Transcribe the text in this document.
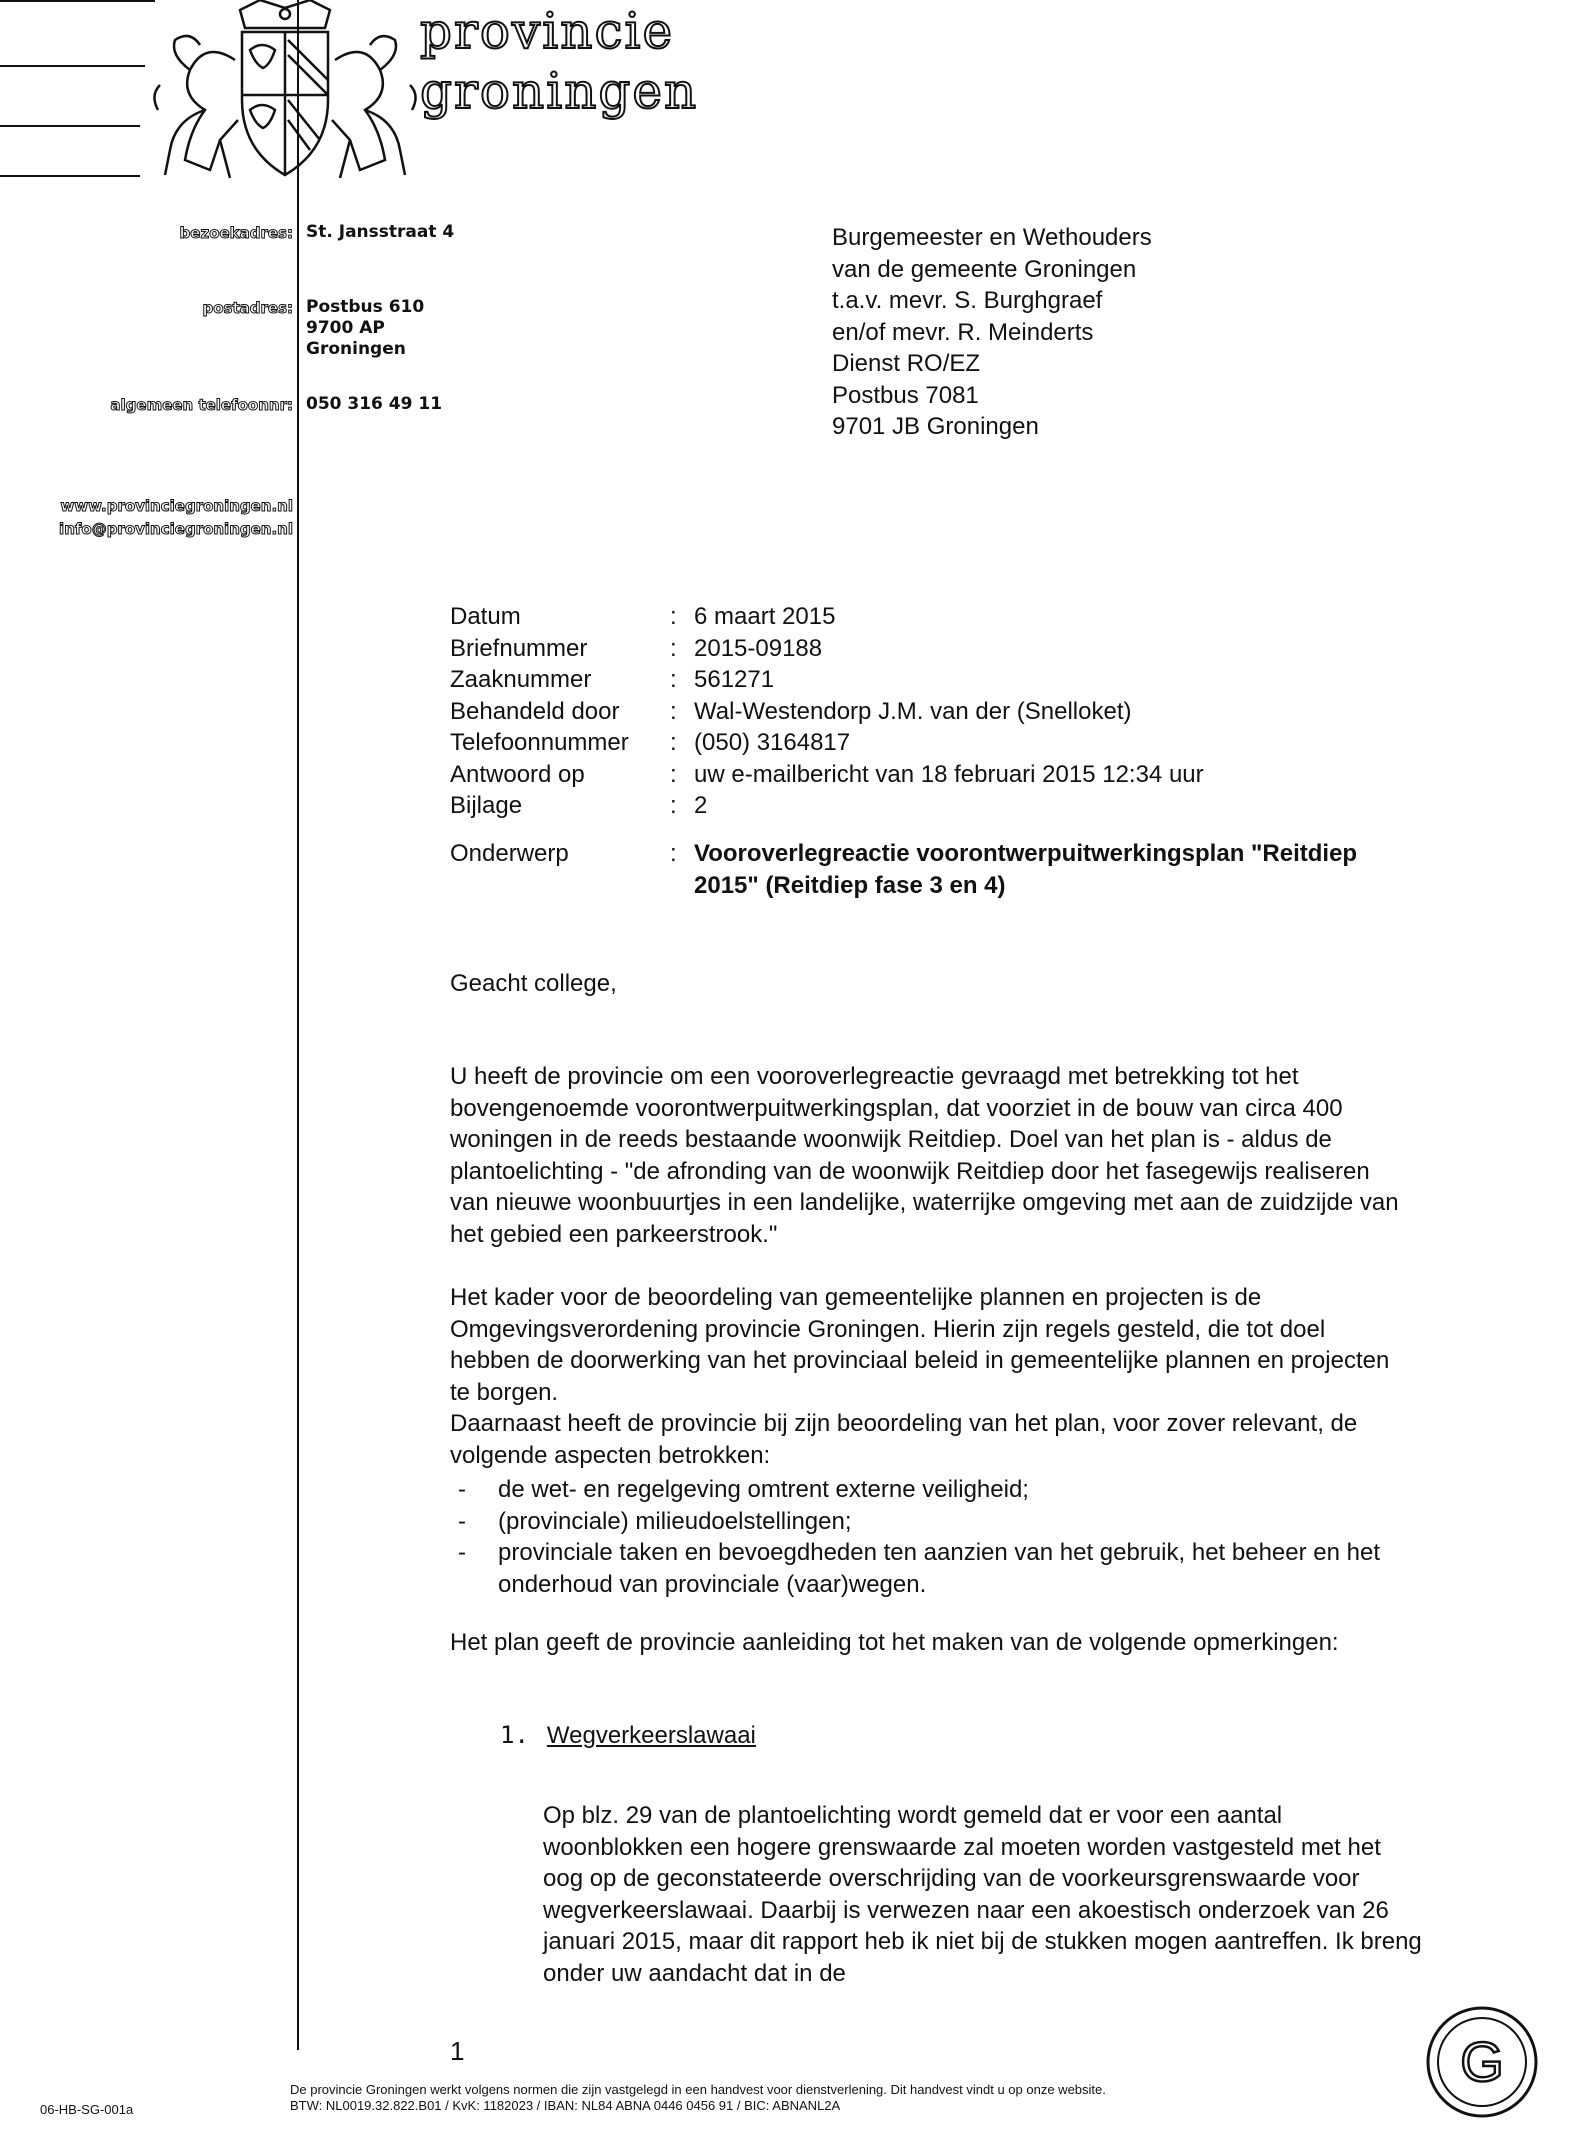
provincie
groningen
bezoekadres: St. Jansstraat 4
postadres: Postbus 610
9700 AP
Groningen
algemeen telefoonnr: 050 316 49 11
www.provinciegroningen.nl
info@provinciegroningen.nl
Burgemeester en Wethouders
van de gemeente Groningen
t.a.v. mevr. S. Burghgraef
en/of mevr. R. Meinderts
Dienst RO/EZ
Postbus 7081
9701 JB Groningen
Datum	: 6 maart 2015
Briefnummer	: 2015-09188
Zaaknummer	: 561271
Behandeld door : Wal-Westendorp J.M. van der (Snelloket)
Telefoonnummer : (050) 3164817
Antwoord op	: uw e-mailbericht van 18 februari 2015 12:34 uur
Bijlage	: 2
Onderwerp	: Vooroverlegreactie voorontwerpuitwerkingsplan "Reitdiep 2015" (Reitdiep fase 3 en 4)
Geacht college,

U heeft de provincie om een vooroverlegreactie gevraagd met betrekking tot het bovengenoemde voorontwerpuitwerkingsplan, dat voorziet in de bouw van circa 400 woningen in de reeds bestaande woonwijk Reitdiep. Doel van het plan is - aldus de plantoelichting - "de afronding van de woonwijk Reitdiep door het fasegewijs realiseren van nieuwe woonbuurtjes in een landelijke, waterrijke omgeving met aan de zuidzijde van het gebied een parkeerstrook."

Het kader voor de beoordeling van gemeentelijke plannen en projecten is de Omgevingsverordening provincie Groningen. Hierin zijn regels gesteld, die tot doel hebben de doorwerking van het provinciaal beleid in gemeentelijke plannen en projecten te borgen.

Daarnaast heeft de provincie bij zijn beoordeling van het plan, voor zover relevant, de volgende aspecten betrokken:

- de wet- en regelgeving omtrent externe veiligheid;
- (provinciale) milieudoelstellingen;
- provinciale taken en bevoegdheden ten aanzien van het gebruik, het beheer en het onderhoud van provinciale (vaar)wegen.

Het plan geeft de provincie aanleiding tot het maken van de volgende opmerkingen:

1. Wegverkeerslawaai
Op blz. 29 van de plantoelichting wordt gemeld dat er voor een aantal woonblokken een hogere grenswaarde zal moeten worden vastgesteld met het oog op de geconstateerde overschrijding van de voorkeursgrenswaarde voor wegverkeerslawaai. Daarbij is verwezen naar een akoestisch onderzoek van 26 januari 2015, maar dit rapport heb ik niet bij de stukken mogen aantreffen. Ik breng onder uw aandacht dat in de
1
De provincie Groningen werkt volgens normen die zijn vastgelegd in een handvest voor dienstverlening. Dit handvest vindt u op onze website.
BTW: NL0019.32.822.B01 / KvK: 1182023 / IBAN: NL84 ABNA 0446 0456 91 / BIC: ABNANL2A
06-HB-SG-001a
G
